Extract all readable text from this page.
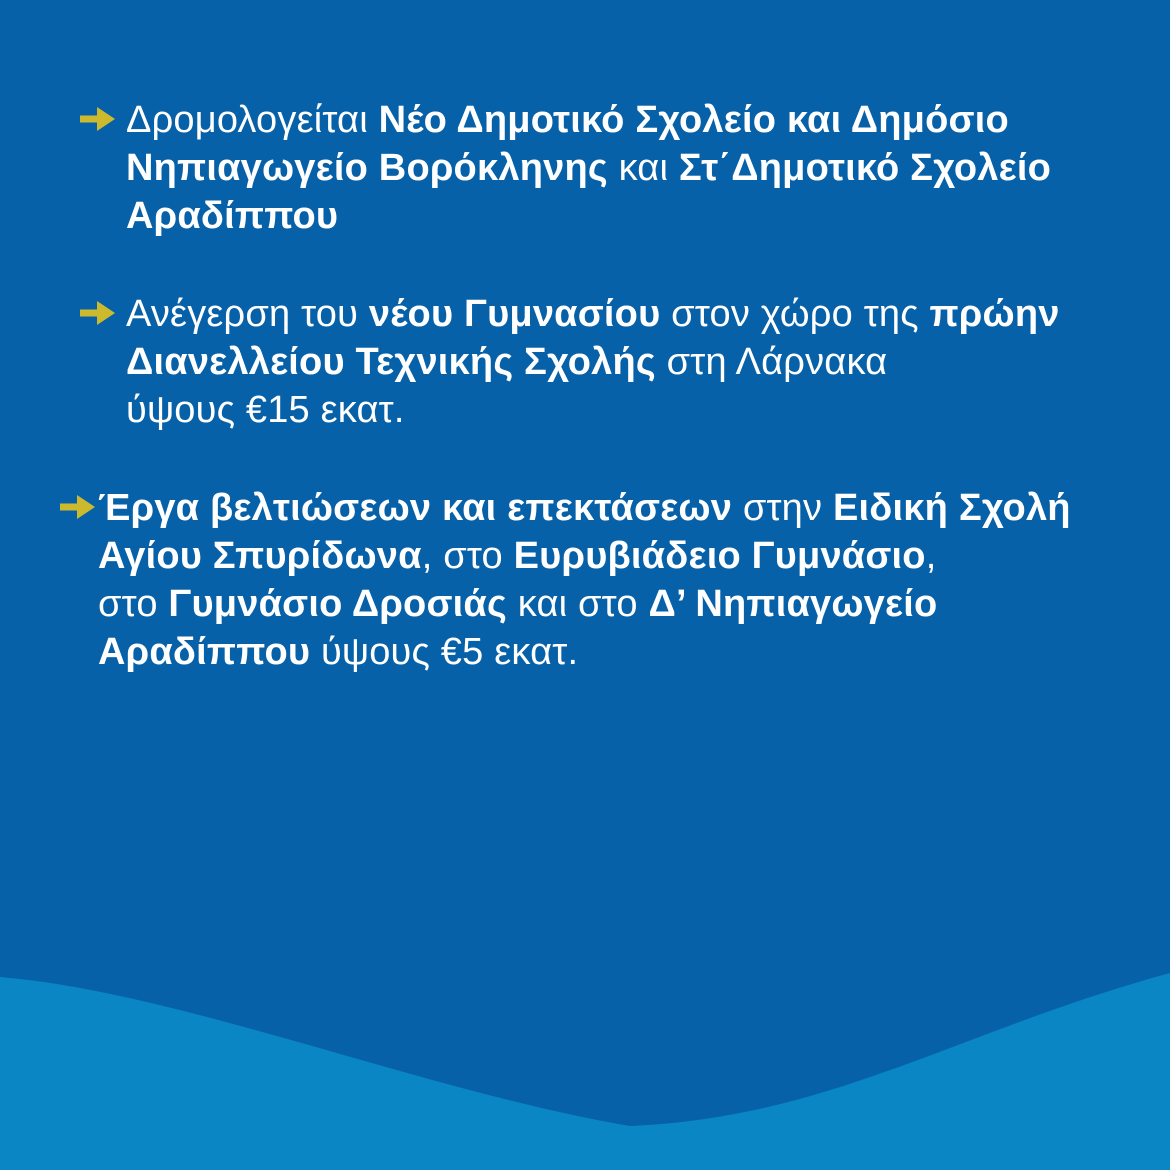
Δρομολογείται Νέο Δημοτικό Σχολείο και Δημόσιο
Νηπιαγωγείο Βορόκληνης και Στ΄Δημοτικό Σχολείο
Αραδίππου
Ανέγερση του νέου Γυμνασίου στον χώρο της πρώην
Διανελλείου Τεχνικής Σχολής στη Λάρνακα
ύψους €15 εκατ.
Έργα βελτιώσεων και επεκτάσεων στην Ειδική Σχολή
Αγίου Σπυρίδωνα, στο Ευρυβιάδειο Γυμνάσιο,
στο Γυμνάσιο Δροσιάς και στο Δ’ Νηπιαγωγείο
Αραδίππου ύψους €5 εκατ.
